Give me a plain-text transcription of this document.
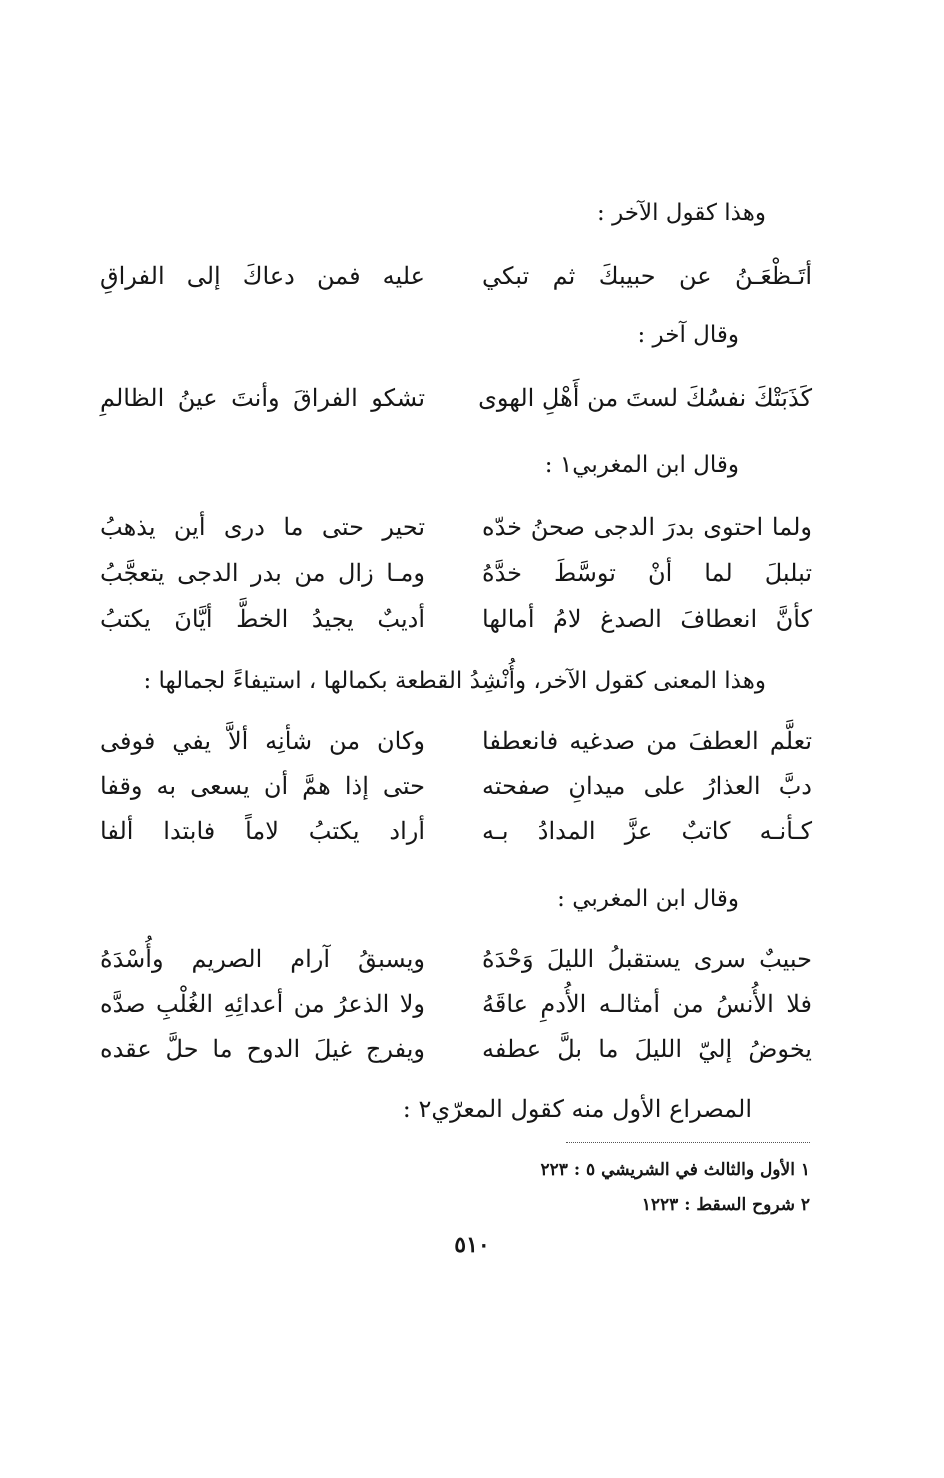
وهذا كقول الآخر :
أتَـظْعَـنُ عن حبيبكَ ثم تبكي
عليه فمن دعاكَ إلى الفراقِ
وقال آخر :
كَذَبَتْكَ نفسُكَ لستَ من أَهْلِ الهوى
تشكو الفراقَ وأنتَ عينُ الظالمِ
وقال ابن المغربي١ :
ولما احتوى بدرَ الدجى صحنُ خدّه
تحير حتى ما درى أين يذهبُ
تبلبلَ لما أنْ توسَّطَ خدَّهُ
ومـا زال من بدر الدجى يتعجَّبُ
كأنَّ انعطافَ الصدغ لامُ أمالها
أديبٌ يجيدُ الخطَّ أيَّانَ يكتبُ
وهذا المعنى كقول الآخر، وأُنْشِدُ القطعة بكمالها ، استيفاءً لجمالها :
تعلَّم العطفَ من صدغيه فانعطفا
وكان من شأنِه ألاَّ يفي فوفى
دبَّ العذارُ على ميدانِ صفحته
حتى إذا همَّ أن يسعى به وقفا
كـأنـه كاتبٌ عزَّ المدادُ بـه
أراد يكتبُ لاماً فابتدا ألفا
وقال ابن المغربي :
حبيبٌ سرى يستقبلُ الليلَ وَحْدَهُ
ويسبقُ آرام الصريم وأُسْدَهُ
فلا الأُنسُ من أمثالـه الأُدمِ عاقَهُ
ولا الذعرُ من أعدائِهِ الغُلْبِ صدَّه
يخوضُ إليّ الليلَ ما بلَّ عطفه
ويفرج غيلَ الدوح ما حلَّ عقده
المصراع الأول منه كقول المعرّي٢ :
١ الأول والثالث في الشريشي ٥ : ٢٢٣
٢ شروح السقط : ١٢٢٣
٥١٠
